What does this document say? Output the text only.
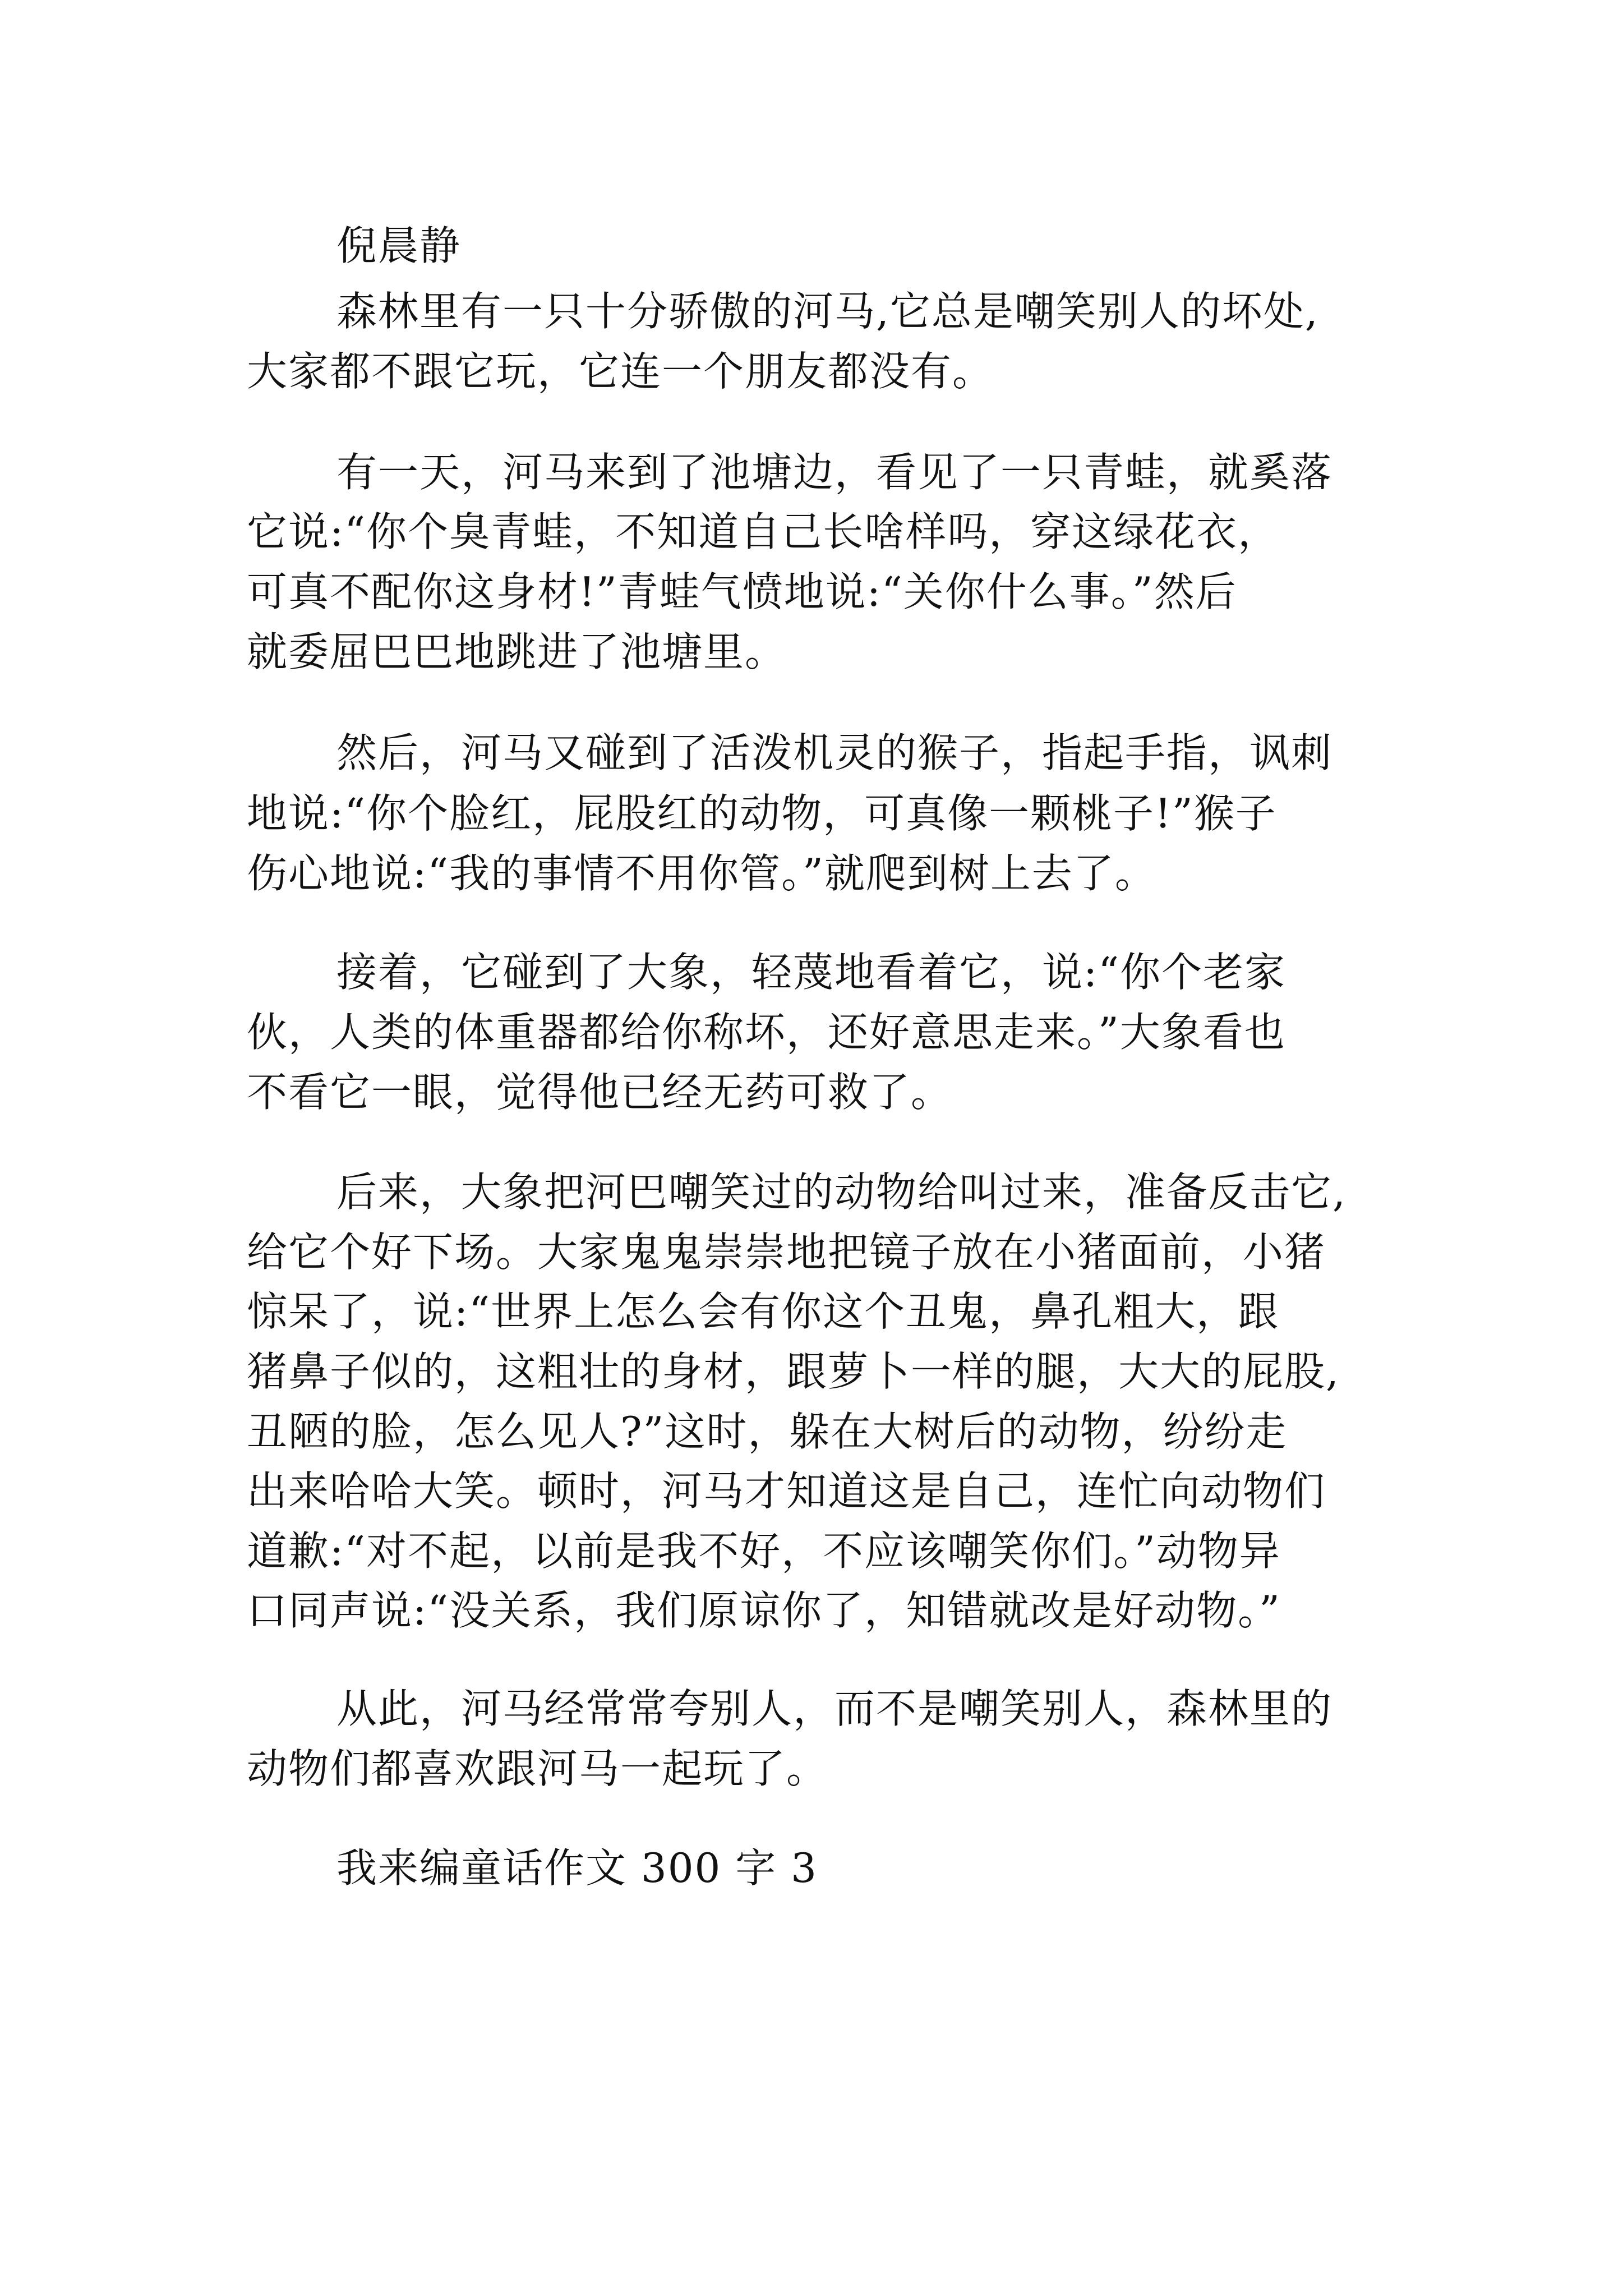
倪晨静
森林里有一只十分骄傲的河马,它总是嘲笑别人的坏处,
大家都不跟它玩，它连一个朋友都没有。
有一天，河马来到了池塘边，看见了一只青蛙，就奚落
它说:“你个臭青蛙，不知道自己长啥样吗，穿这绿花衣，
可真不配你这身材!”青蛙气愤地说:“关你什么事。”然后
就委屈巴巴地跳进了池塘里。
然后，河马又碰到了活泼机灵的猴子，指起手指，讽刺
地说:“你个脸红，屁股红的动物，可真像一颗桃子!”猴子
伤心地说:“我的事情不用你管。”就爬到树上去了。
接着，它碰到了大象，轻蔑地看着它，说:“你个老家
伙，人类的体重器都给你称坏，还好意思走来。”大象看也
不看它一眼，觉得他已经无药可救了。
后来，大象把河巴嘲笑过的动物给叫过来，准备反击它,
给它个好下场。大家鬼鬼崇崇地把镜子放在小猪面前，小猪
惊呆了，说:“世界上怎么会有你这个丑鬼，鼻孔粗大，跟
猪鼻子似的，这粗壮的身材，跟萝卜一样的腿，大大的屁股,
丑陋的脸，怎么见人?”这时，躲在大树后的动物，纷纷走
出来哈哈大笑。顿时，河马才知道这是自己，连忙向动物们
道歉:“对不起，以前是我不好，不应该嘲笑你们。”动物异
口同声说:“没关系，我们原谅你了，知错就改是好动物。”
从此，河马经常常夸别人，而不是嘲笑别人，森林里的
动物们都喜欢跟河马一起玩了。
我来编童话作文 300 字 3
